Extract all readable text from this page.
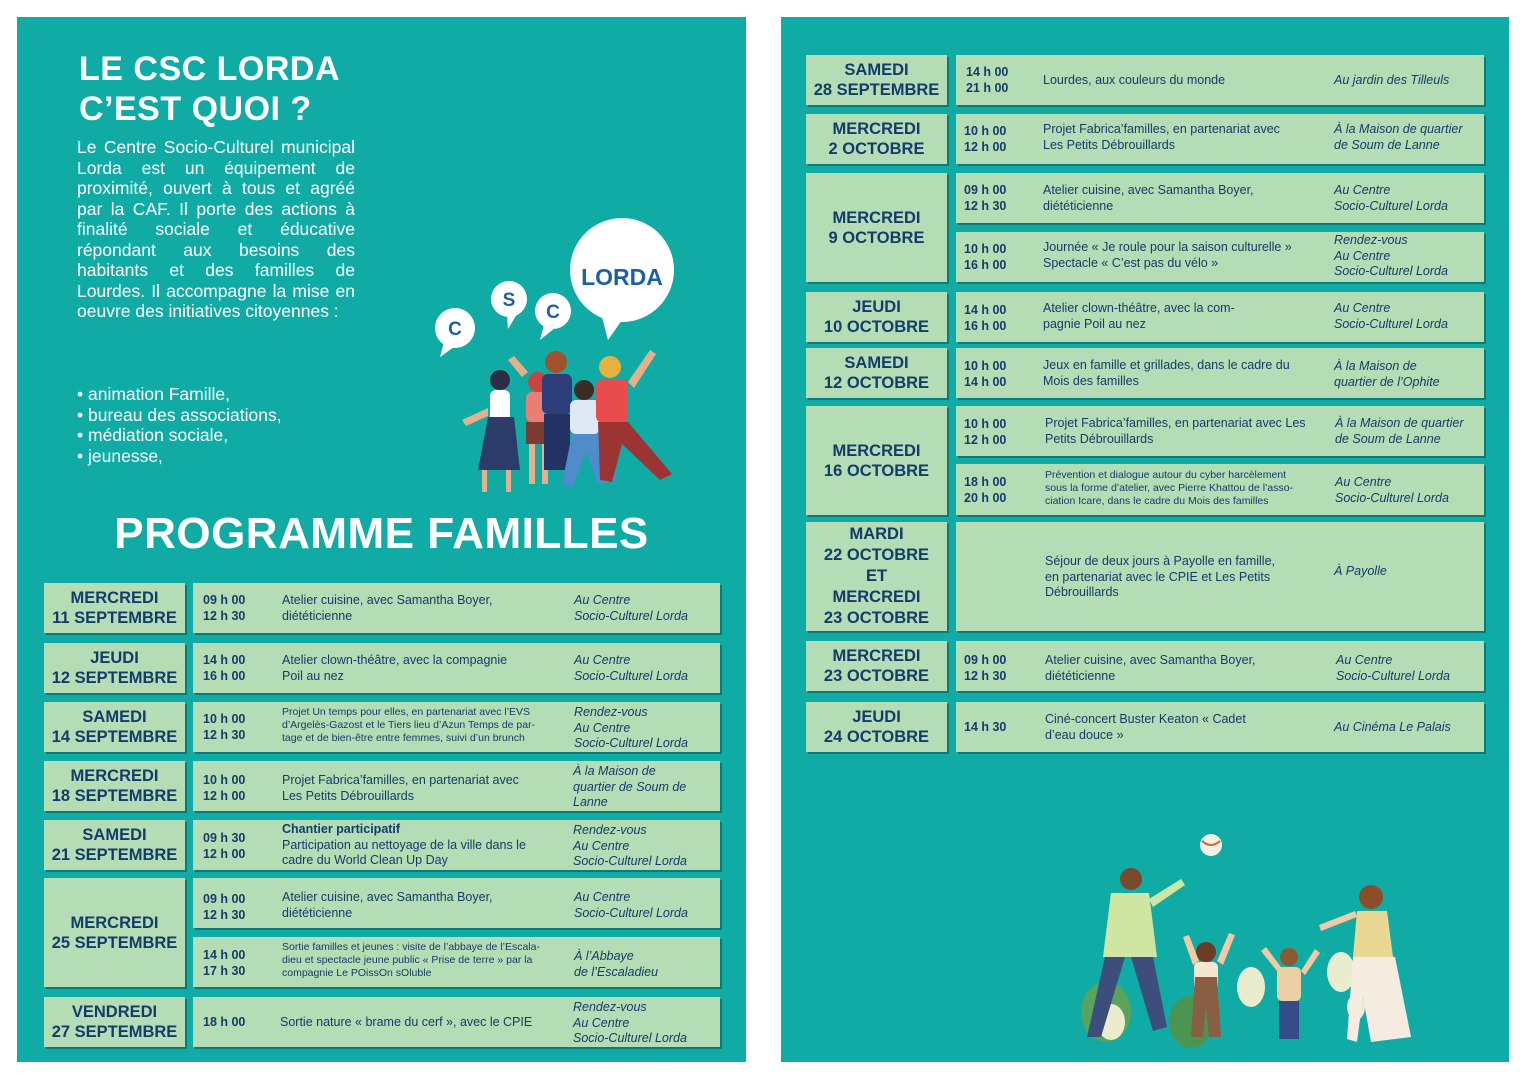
LE CSC LORDA
C’EST QUOI ?

Le Centre Socio-Culturel municipal Lorda est un équipement de proximité, ouvert à tous et agréé par la CAF. Il porte des actions à finalité sociale et éducative répondant aux besoins des habitants et des familles de Lourdes. Il accompagne la mise en oeuvre des initiatives citoyennes :

• animation Famille,
• bureau des associations,
• médiation sociale,
• jeunesse,
C
S
C
LORDA
PROGRAMME FAMILLES
MERCREDI
11 SEPTEMBRE
09 h 00
12 h 30
Atelier cuisine, avec Samantha Boyer,
diététicienne
Au Centre
Socio-Culturel Lorda
JEUDI
12 SEPTEMBRE
14 h 00
16 h 00
Atelier clown-théâtre, avec la compagnie
Poil au nez
Au Centre
Socio-Culturel Lorda
SAMEDI
14 SEPTEMBRE
10 h 00
12 h 30
Projet Un temps pour elles, en partenariat avec l’EVS
d’Argelès-Gazost et le Tiers lieu d’Azun Temps de par-
tage et de bien-être entre femmes, suivi d’un brunch
Rendez-vous
Au Centre
Socio-Culturel Lorda
MERCREDI
18 SEPTEMBRE
10 h 00
12 h 00
Projet Fabrica’familles, en partenariat avec
Les Petits Débrouillards
À la Maison de
quartier de Soum de
Lanne
SAMEDI
21 SEPTEMBRE
09 h 30
12 h 00
Chantier participatif
Participation au nettoyage de la ville dans le
cadre du World Clean Up Day
Rendez-vous
Au Centre
Socio-Culturel Lorda
MERCREDI
25 SEPTEMBRE
09 h 00
12 h 30
Atelier cuisine, avec Samantha Boyer,
diététicienne
Au Centre
Socio-Culturel Lorda
14 h 00
17 h 30
Sortie familles et jeunes : visite de l’abbaye de l’Escala-
dieu et spectacle jeune public « Prise de terre » par la
compagnie Le POissOn sOluble
À l’Abbaye
de l’Escaladieu
VENDREDI
27 SEPTEMBRE
18 h 00	Sortie nature « brame du cerf », avec le CPIE
Rendez-vous
Au Centre
Socio-Culturel Lorda
SAMEDI
28 SEPTEMBRE
14 h 00
21 h 00
Lourdes, aux couleurs du monde	Au jardin des Tilleuls
MERCREDI
2 OCTOBRE
10 h 00
12 h 00
Projet Fabrica’familles, en partenariat avec
Les Petits Débrouillards
À la Maison de quartier
de Soum de Lanne
MERCREDI
9 OCTOBRE
09 h 00
12 h 30
Atelier cuisine, avec Samantha Boyer,
diététicienne
Au Centre
Socio-Culturel Lorda
10 h 00
16 h 00
Journée « Je roule pour la saison culturelle »
Spectacle « C’est pas du vélo »
Rendez-vous
Au Centre
Socio-Culturel Lorda
JEUDI
10 OCTOBRE
14 h 00
16 h 00
Atelier clown-théâtre, avec la com-
pagnie Poil au nez
Au Centre
Socio-Culturel Lorda
SAMEDI
12 OCTOBRE
10 h 00
14 h 00
Jeux en famille et grillades, dans le cadre du
Mois des familles
À la Maison de
quartier de l’Ophite
MERCREDI
16 OCTOBRE
10 h 00
12 h 00
Projet Fabrica’familles, en partenariat avec Les
Petits Débrouillards
À la Maison de quartier
de Soum de Lanne
18 h 00
20 h 00
Prévention et dialogue autour du cyber harcèlement
sous la forme d’atelier, avec Pierre Khattou de l’asso-
ciation Icare, dans le cadre du Mois des familles
Au Centre
Socio-Culturel Lorda
MARDI
22 OCTOBRE
ET
MERCREDI
23 OCTOBRE
Séjour de deux jours à Payolle en famille,
en partenariat avec le CPIE et Les Petits
Débrouillards
À Payolle
MERCREDI
23 OCTOBRE
09 h 00
12 h 30
Atelier cuisine, avec Samantha Boyer,
diététicienne
Au Centre
Socio-Culturel Lorda
JEUDI
24 OCTOBRE
14 h 30
Ciné-concert Buster Keaton « Cadet
d’eau douce »
Au Cinéma Le Palais
